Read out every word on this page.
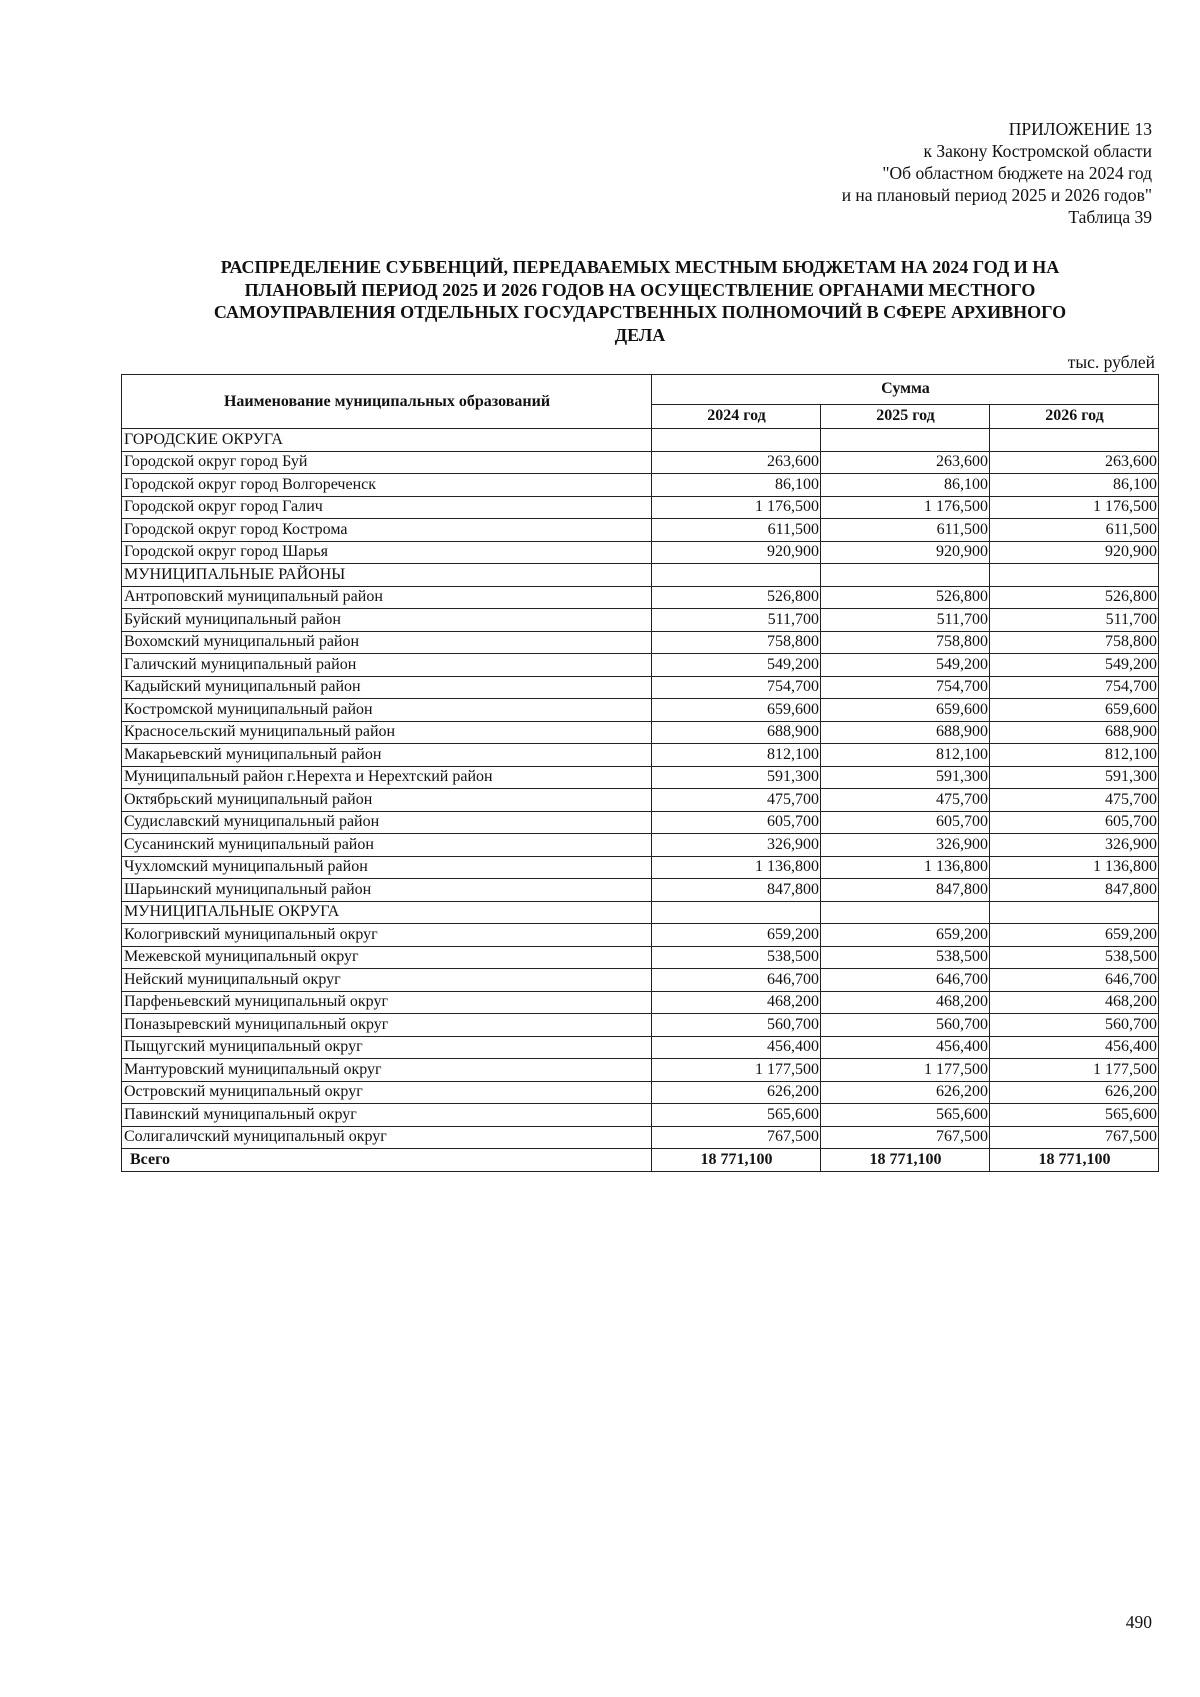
ПРИЛОЖЕНИЕ 13
к Закону Костромской области
"Об областном бюджете на 2024 год
и на плановый период 2025 и 2026 годов"
Таблица 39
РАСПРЕДЕЛЕНИЕ СУБВЕНЦИЙ, ПЕРЕДАВАЕМЫХ МЕСТНЫМ БЮДЖЕТАМ НА 2024 ГОД И НА
ПЛАНОВЫЙ ПЕРИОД 2025 И 2026 ГОДОВ НА ОСУЩЕСТВЛЕНИЕ ОРГАНАМИ МЕСТНОГО
САМОУПРАВЛЕНИЯ ОТДЕЛЬНЫХ ГОСУДАРСТВЕННЫХ ПОЛНОМОЧИЙ В СФЕРЕ АРХИВНОГО
ДЕЛА
тыс. рублей
Наименование муниципальных образований	Сумма		
	2024 год	2025 год	2026 год
ГОРОДСКИЕ ОКРУГА			
Городской округ город Буй	263,600	263,600	263,600
Городской округ город Волгореченск	86,100	86,100	86,100
Городской округ город Галич	1 176,500	1 176,500	1 176,500
Городской округ город Кострома	611,500	611,500	611,500
Городской округ город Шарья	920,900	920,900	920,900
МУНИЦИПАЛЬНЫЕ РАЙОНЫ			
Антроповский муниципальный район	526,800	526,800	526,800
Буйский муниципальный район	511,700	511,700	511,700
Вохомский муниципальный район	758,800	758,800	758,800
Галичский муниципальный район	549,200	549,200	549,200
Кадыйский муниципальный район	754,700	754,700	754,700
Костромской муниципальный район	659,600	659,600	659,600
Красносельский муниципальный район	688,900	688,900	688,900
Макарьевский муниципальный район	812,100	812,100	812,100
Муниципальный район г.Нерехта и Нерехтский район	591,300	591,300	591,300
Октябрьский муниципальный район	475,700	475,700	475,700
Судиславский муниципальный район	605,700	605,700	605,700
Сусанинский муниципальный район	326,900	326,900	326,900
Чухломский муниципальный район	1 136,800	1 136,800	1 136,800
Шарьинский муниципальный район	847,800	847,800	847,800
МУНИЦИПАЛЬНЫЕ ОКРУГА			
Кологривский муниципальный округ	659,200	659,200	659,200
Межевской муниципальный округ	538,500	538,500	538,500
Нейский муниципальный округ	646,700	646,700	646,700
Парфеньевский муниципальный округ	468,200	468,200	468,200
Поназыревский муниципальный округ	560,700	560,700	560,700
Пыщугский муниципальный округ	456,400	456,400	456,400
Мантуровский муниципальный округ	1 177,500	1 177,500	1 177,500
Островский муниципальный округ	626,200	626,200	626,200
Павинский муниципальный округ	565,600	565,600	565,600
Солигаличский муниципальный округ	767,500	767,500	767,500
Всего	18 771,100	18 771,100	18 771,100
490
